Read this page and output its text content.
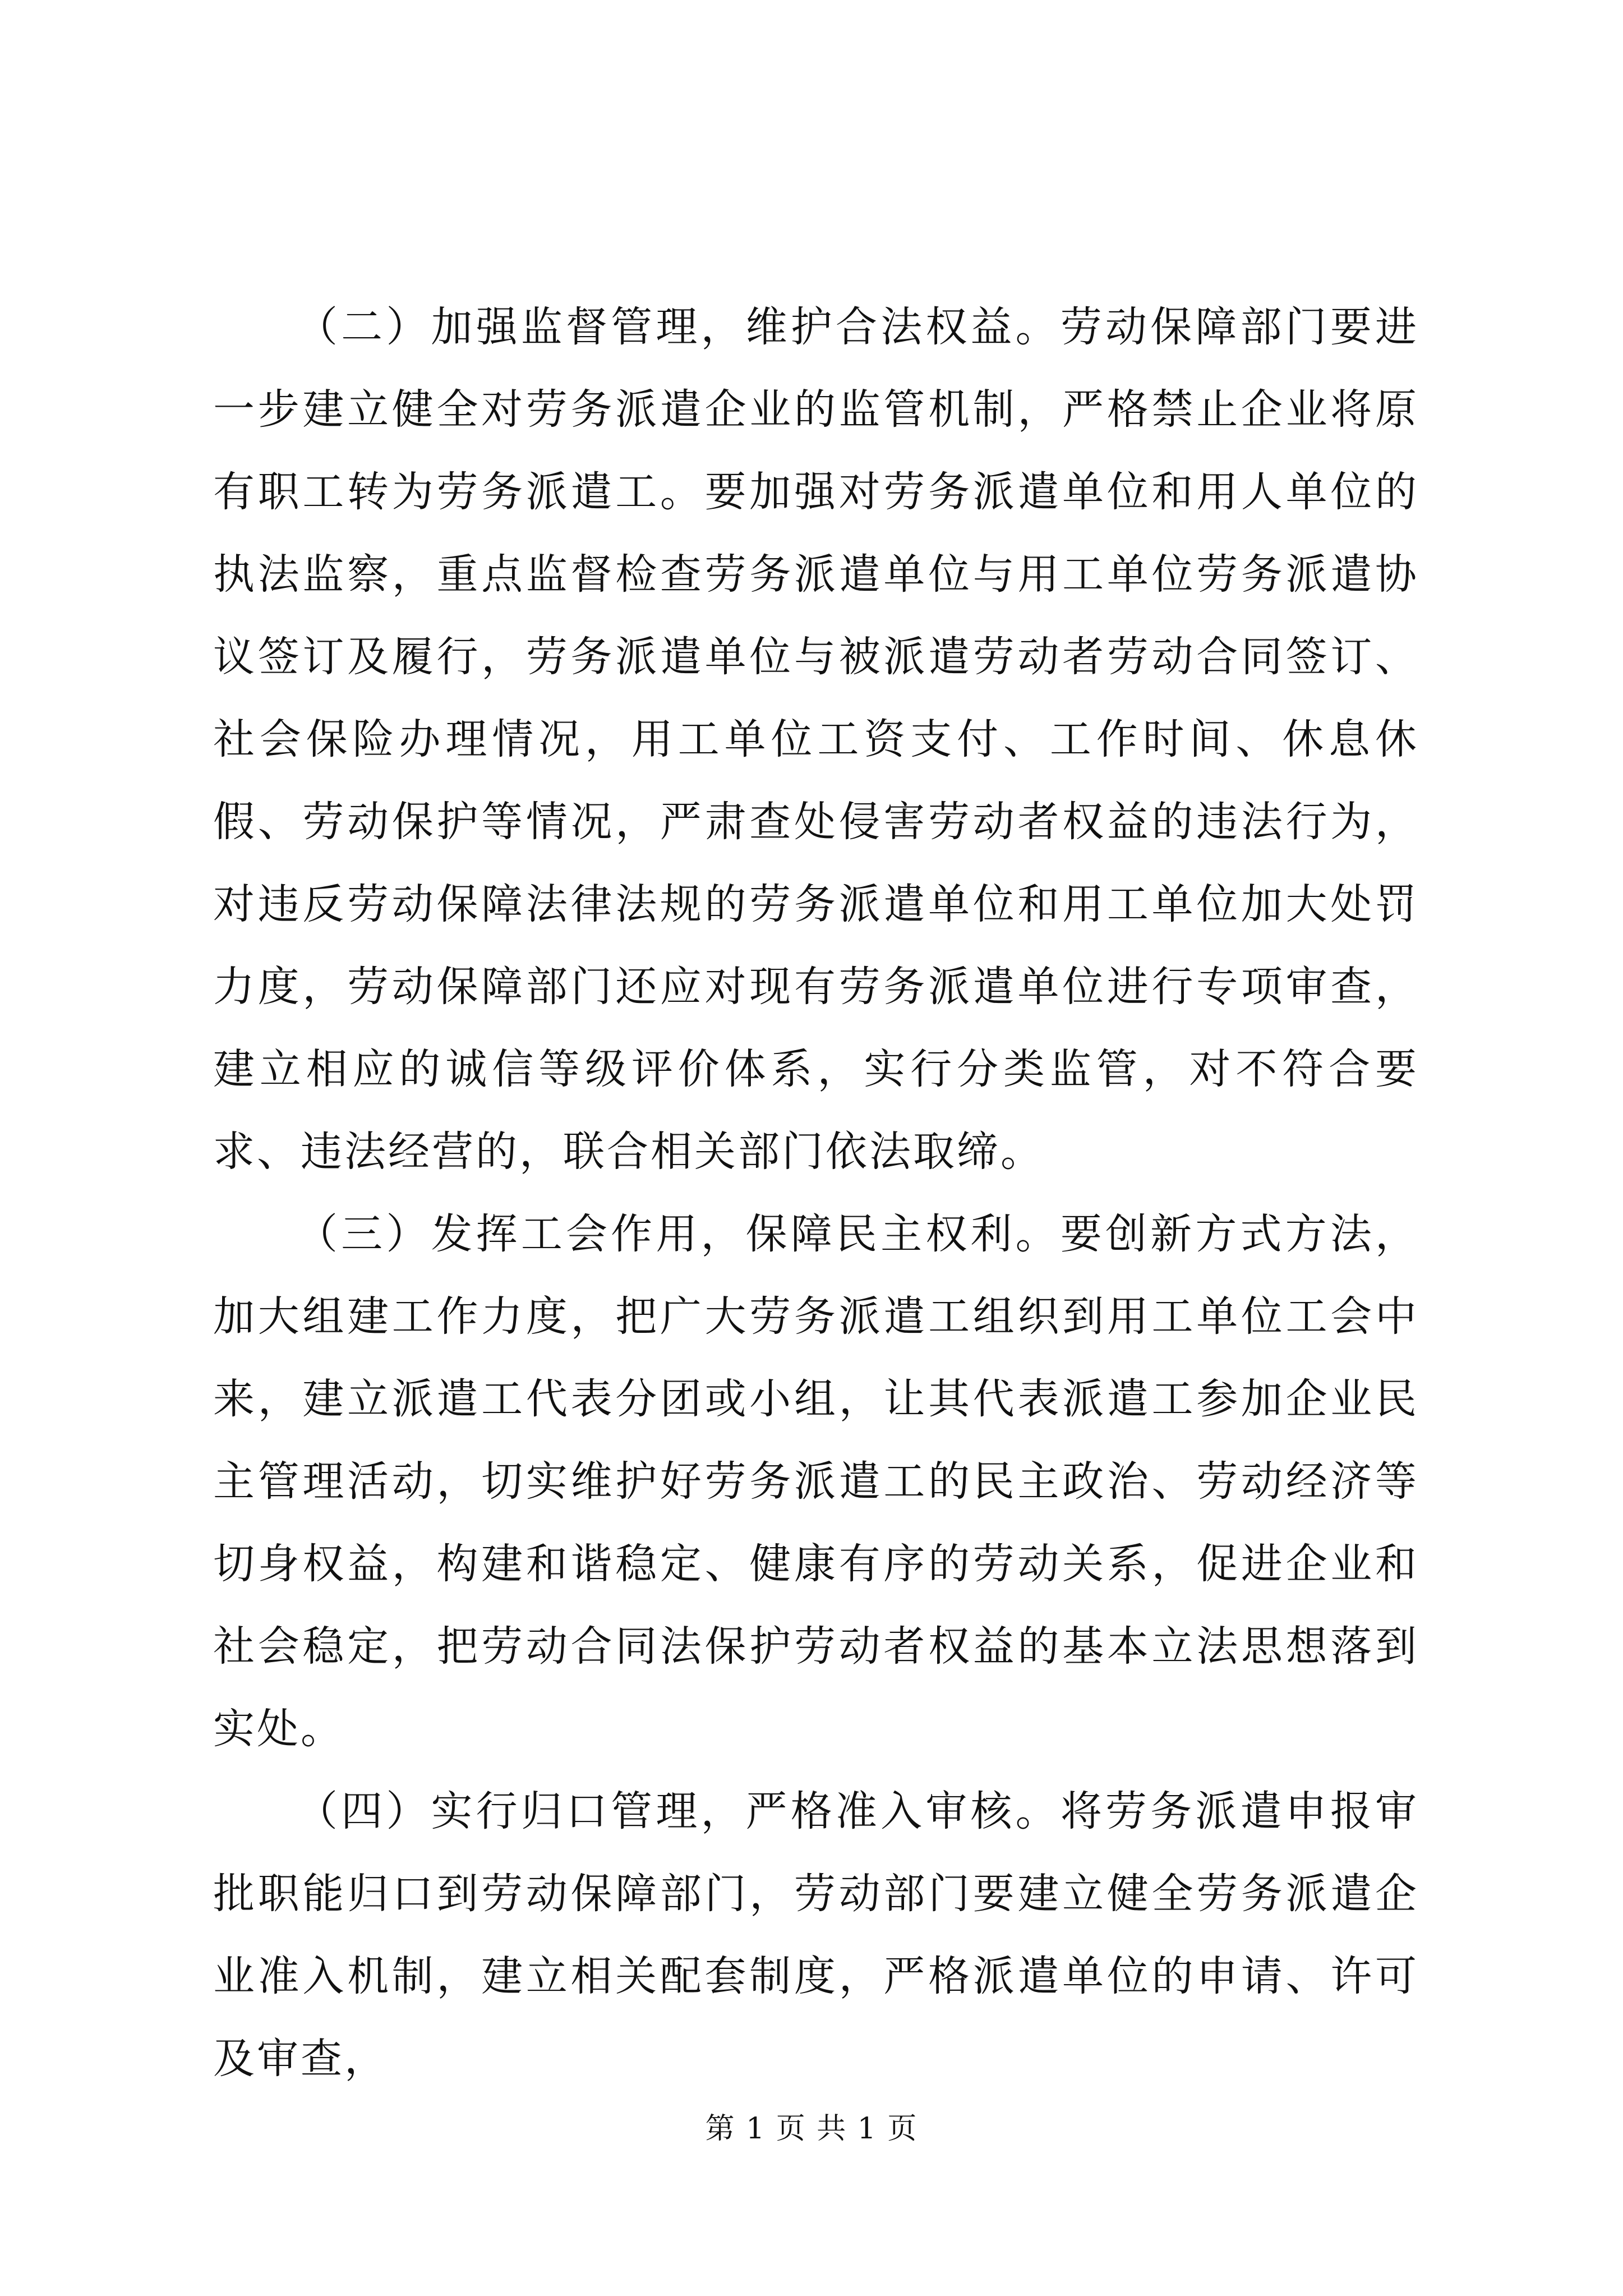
（二）加强监督管理，维护合法权益。劳动保障部门要进一步建立健全对劳务派遣企业的监管机制，严格禁止企业将原有职工转为劳务派遣工。要加强对劳务派遣单位和用人单位的执法监察，重点监督检查劳务派遣单位与用工单位劳务派遣协议签订及履行，劳务派遣单位与被派遣劳动者劳动合同签订、社会保险办理情况，用工单位工资支付、工作时间、休息休假、劳动保护等情况，严肃查处侵害劳动者权益的违法行为，对违反劳动保障法律法规的劳务派遣单位和用工单位加大处罚力度，劳动保障部门还应对现有劳务派遣单位进行专项审查，建立相应的诚信等级评价体系，实行分类监管，对不符合要求、违法经营的，联合相关部门依法取缔。

（三）发挥工会作用，保障民主权利。要创新方式方法，加大组建工作力度，把广大劳务派遣工组织到用工单位工会中来，建立派遣工代表分团或小组，让其代表派遣工参加企业民主管理活动，切实维护好劳务派遣工的民主政治、劳动经济等切身权益，构建和谐稳定、健康有序的劳动关系，促进企业和社会稳定，把劳动合同法保护劳动者权益的基本立法思想落到实处。

（四）实行归口管理，严格准入审核。将劳务派遣申报审批职能归口到劳动保障部门，劳动部门要建立健全劳务派遣企业准入机制，建立相关配套制度，严格派遣单位的申请、许可及审查，

第 1 页 共 1 页
